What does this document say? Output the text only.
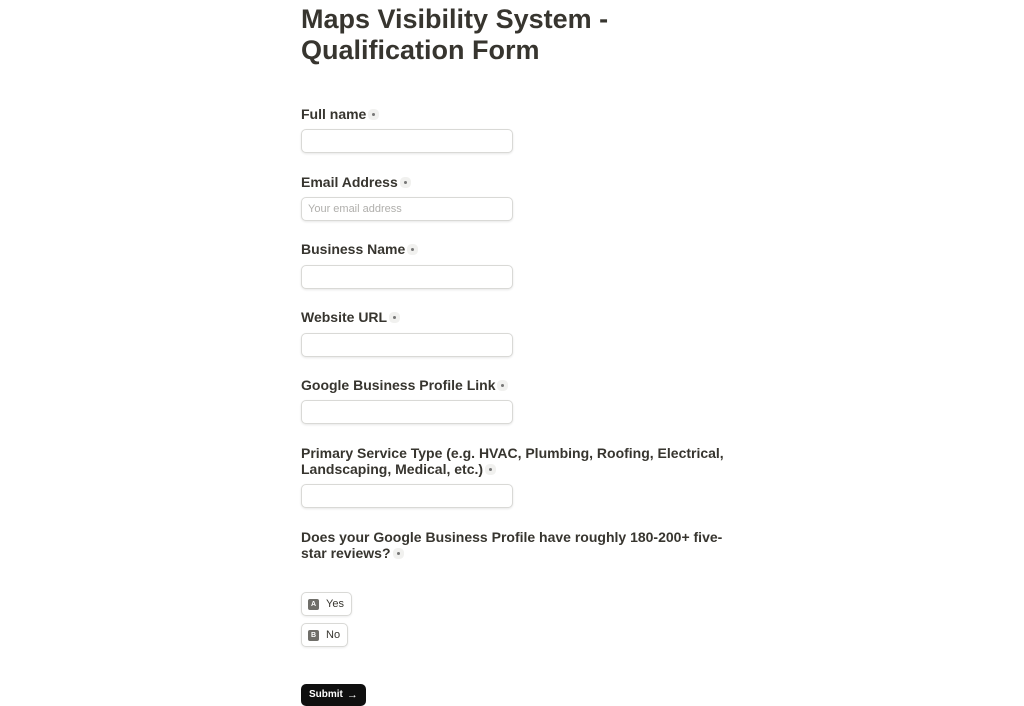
Maps Visibility System - Qualification Form
Full name
Email Address
Your email address
Business Name
Website URL
Google Business Profile Link
Primary Service Type (e.g. HVAC, Plumbing, Roofing, Electrical, Landscaping, Medical, etc.)
Does your Google Business Profile have roughly 180-200+ five-star reviews?
A Yes
B No
Submit →
